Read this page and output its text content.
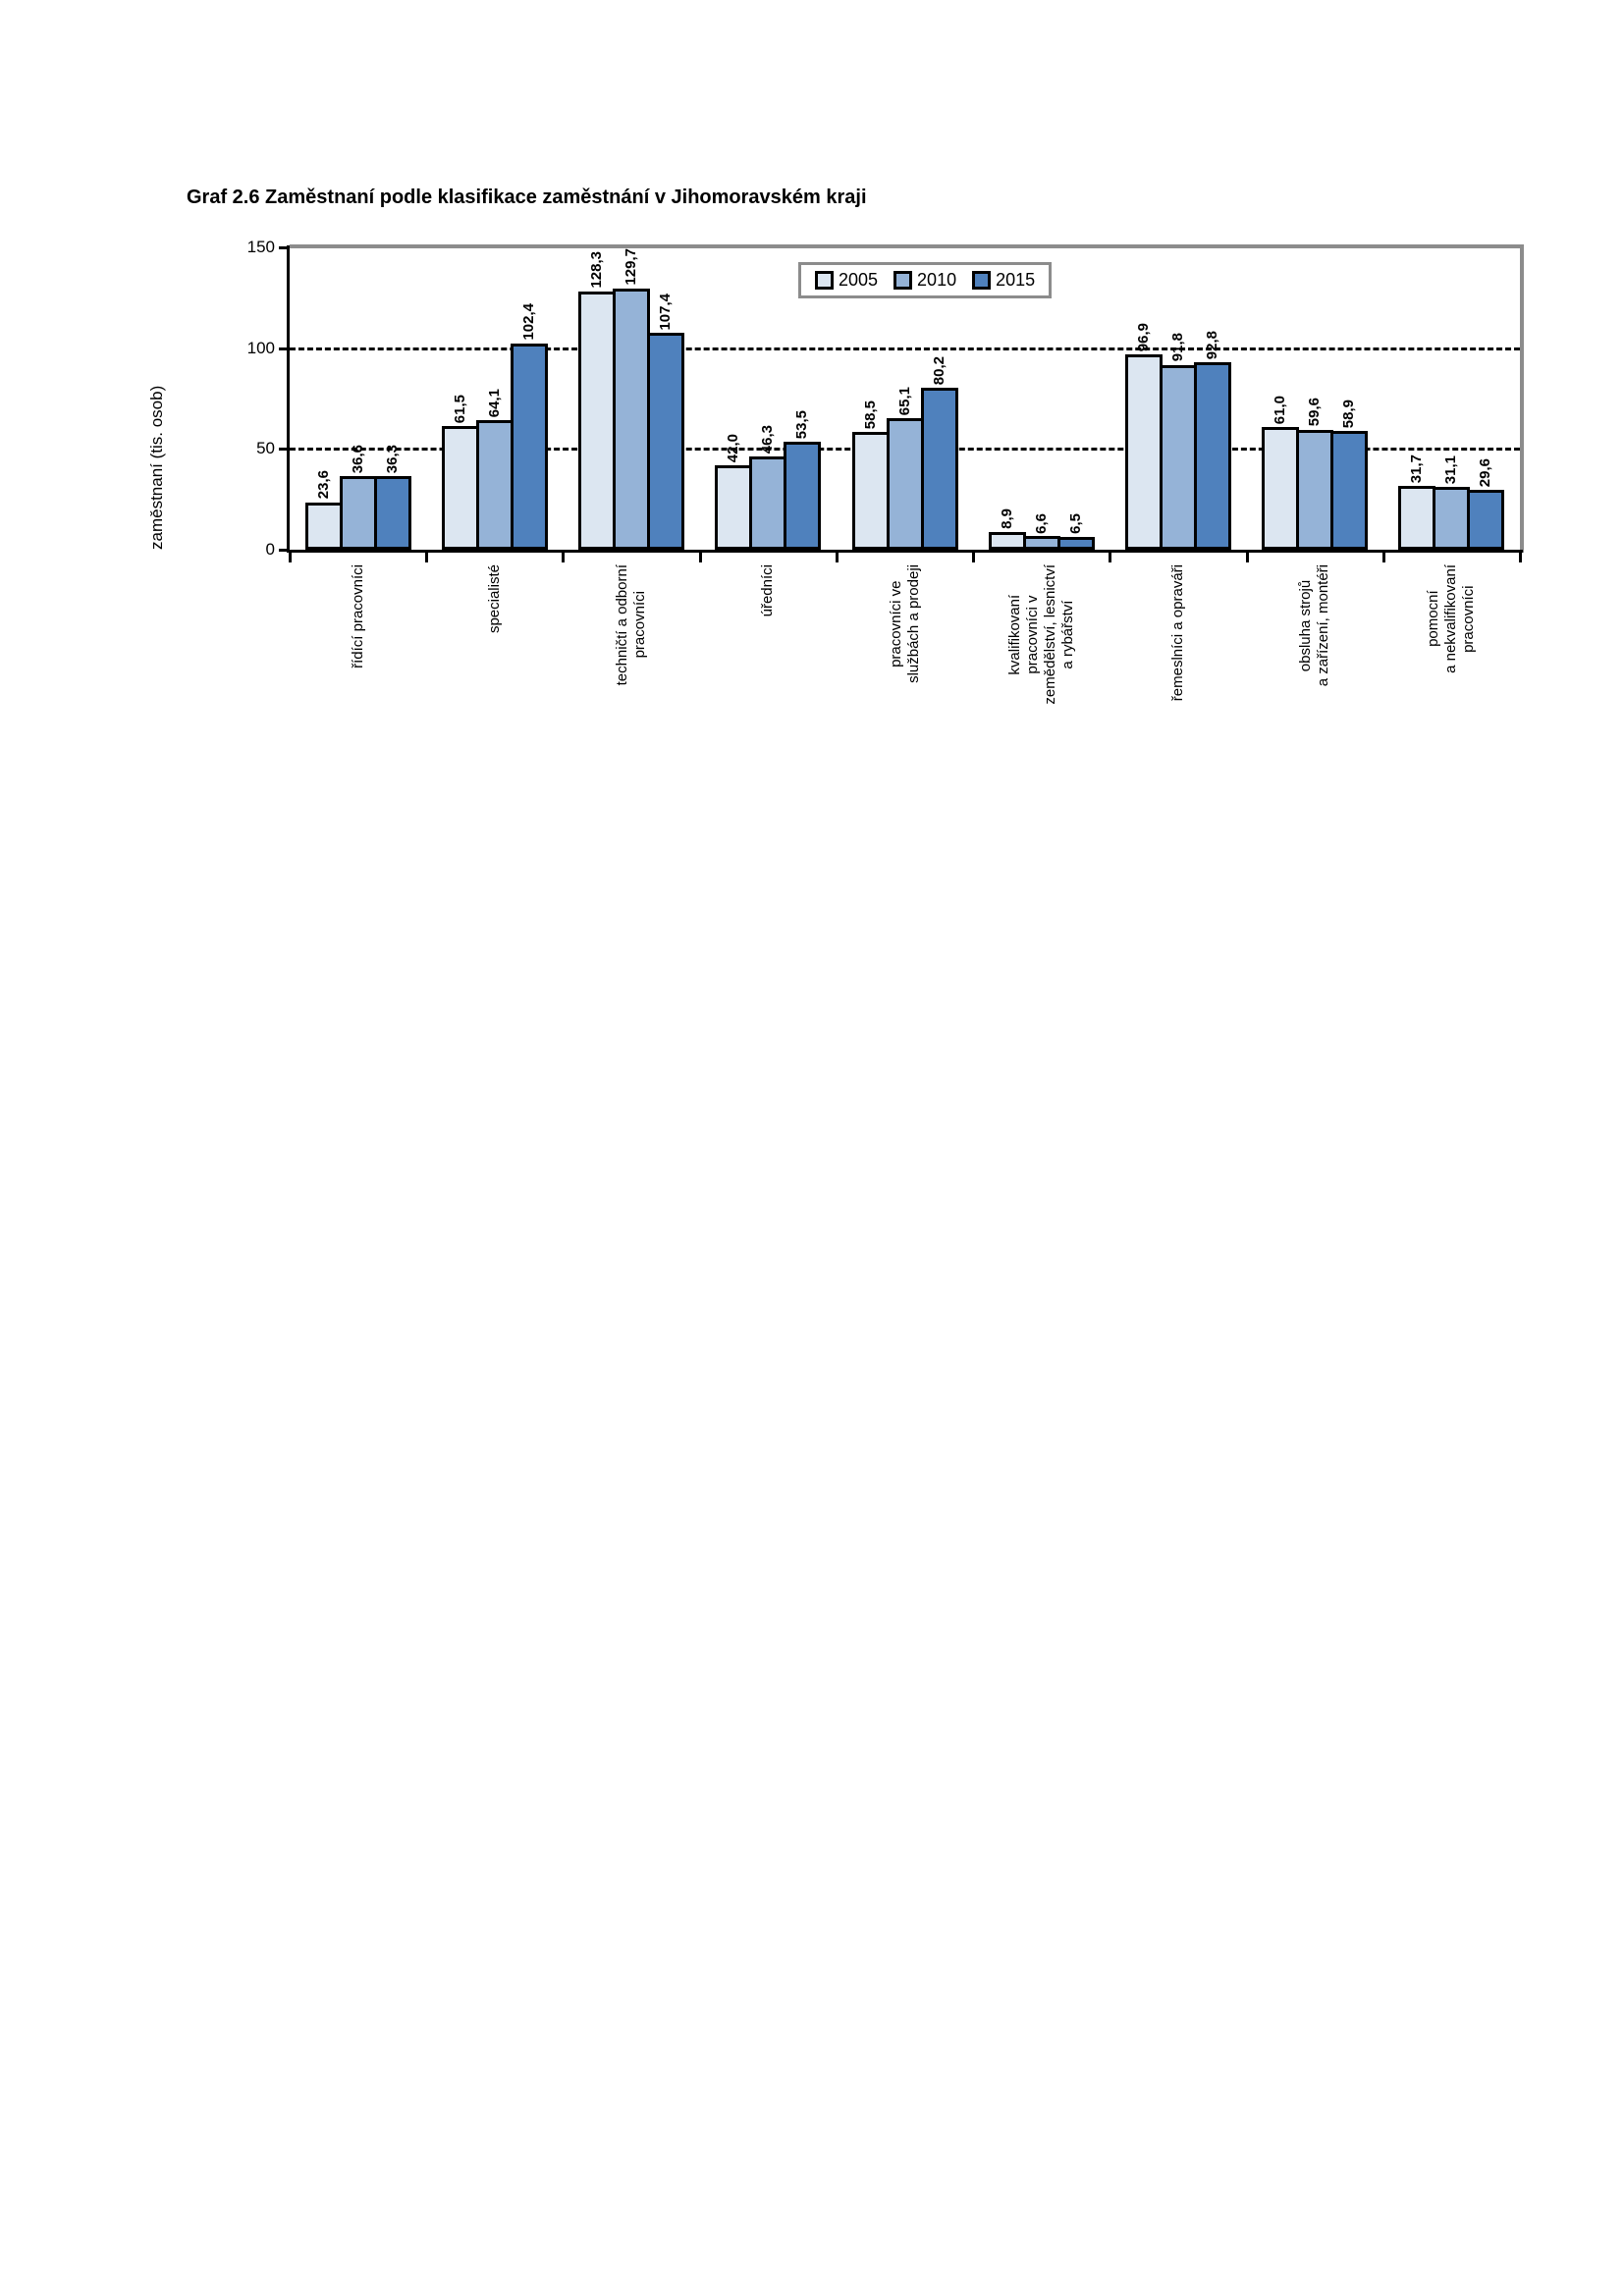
Graf 2.6 Zaměstnaní podle klasifikace zaměstnání v Jihomoravském kraji
zaměstnaní (tis. osob)	23,6
36,6 36,3
61,5 64,1
102,4
128,3 129,7
107,4
42,0 46,3
53,5	58,5 65,1
80,2
8,9 6,6 6,5
96,9 91,8 92,8
61,0 59,6 58,9
31,7 31,1 29,6
0
50
100
150
2005 2010 2015
řídící pracovníci	specialisté	techničtí a odborní pracovníci
úředníci	pracovníci ve službách a prodeji	kvalifikovaní pracovníci v zemědělství, lesnictví a rybářství	řemeslníci a opraváři	obsluha strojů a zařízení, montéři	pomocní a nekvalifikovaní pracovníci
